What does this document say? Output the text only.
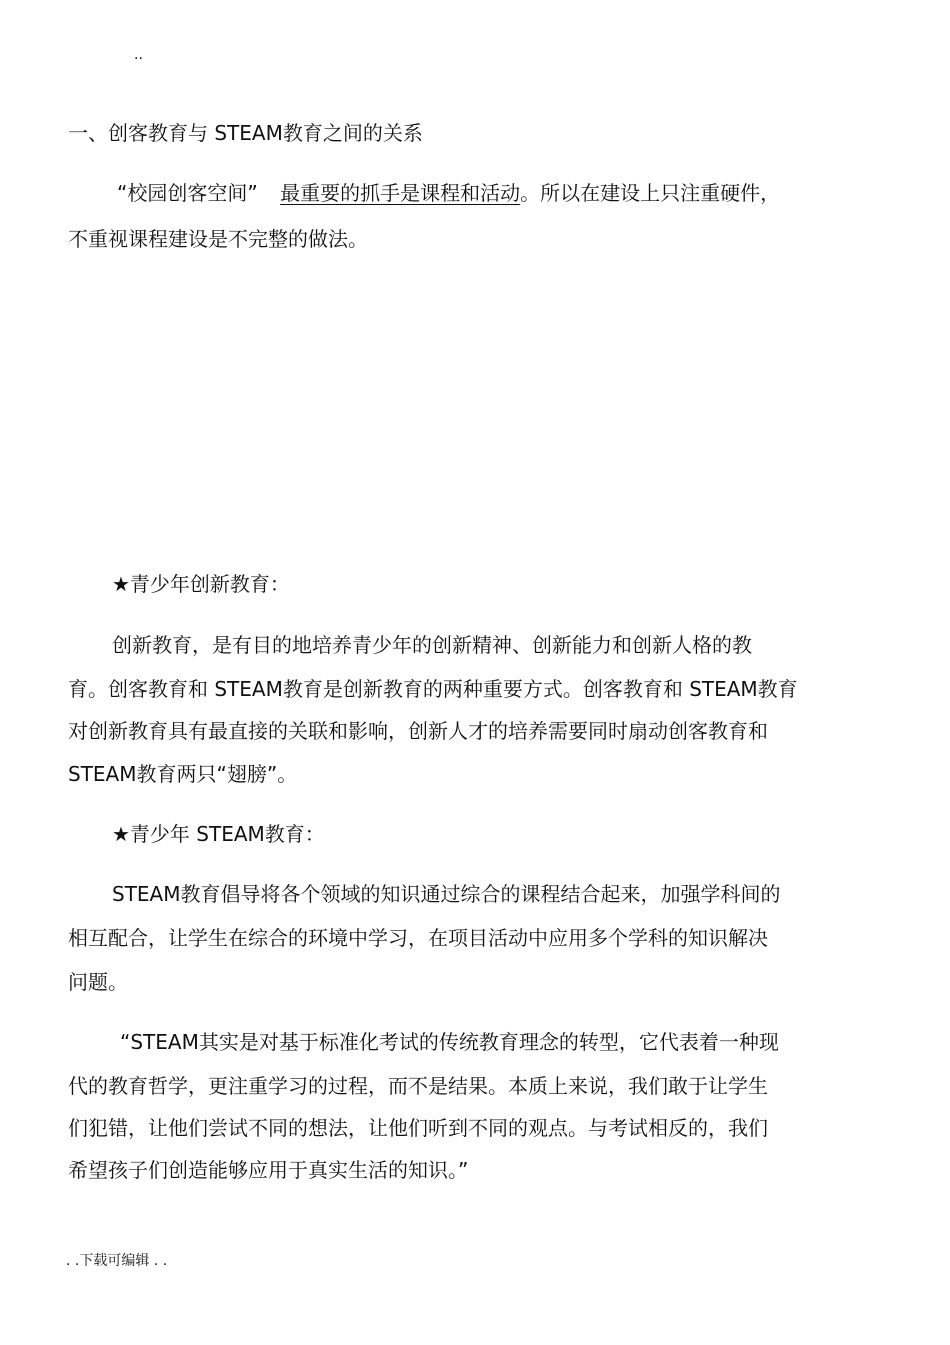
..
一、创客教育与 STEAM教育之间的关系
“校园创客空间” 最重要的抓手是课程和活动。所以在建设上只注重硬件，
不重视课程建设是不完整的做法。
★青少年创新教育：
创新教育，是有目的地培养青少年的创新精神、创新能力和创新人格的教
育。创客教育和 STEAM教育是创新教育的两种重要方式。创客教育和 STEAM教育
对创新教育具有最直接的关联和影响，创新人才的培养需要同时扇动创客教育和
STEAM教育两只“翅膀”。
★青少年 STEAM教育：
STEAM教育倡导将各个领域的知识通过综合的课程结合起来，加强学科间的
相互配合，让学生在综合的环境中学习，在项目活动中应用多个学科的知识解决
问题。
“STEAM其实是对基于标准化考试的传统教育理念的转型，它代表着一种现
代的教育哲学，更注重学习的过程，而不是结果。本质上来说，我们敢于让学生
们犯错，让他们尝试不同的想法，让他们听到不同的观点。与考试相反的，我们
希望孩子们创造能够应用于真实生活的知识。”
. .下载可编辑 . .
